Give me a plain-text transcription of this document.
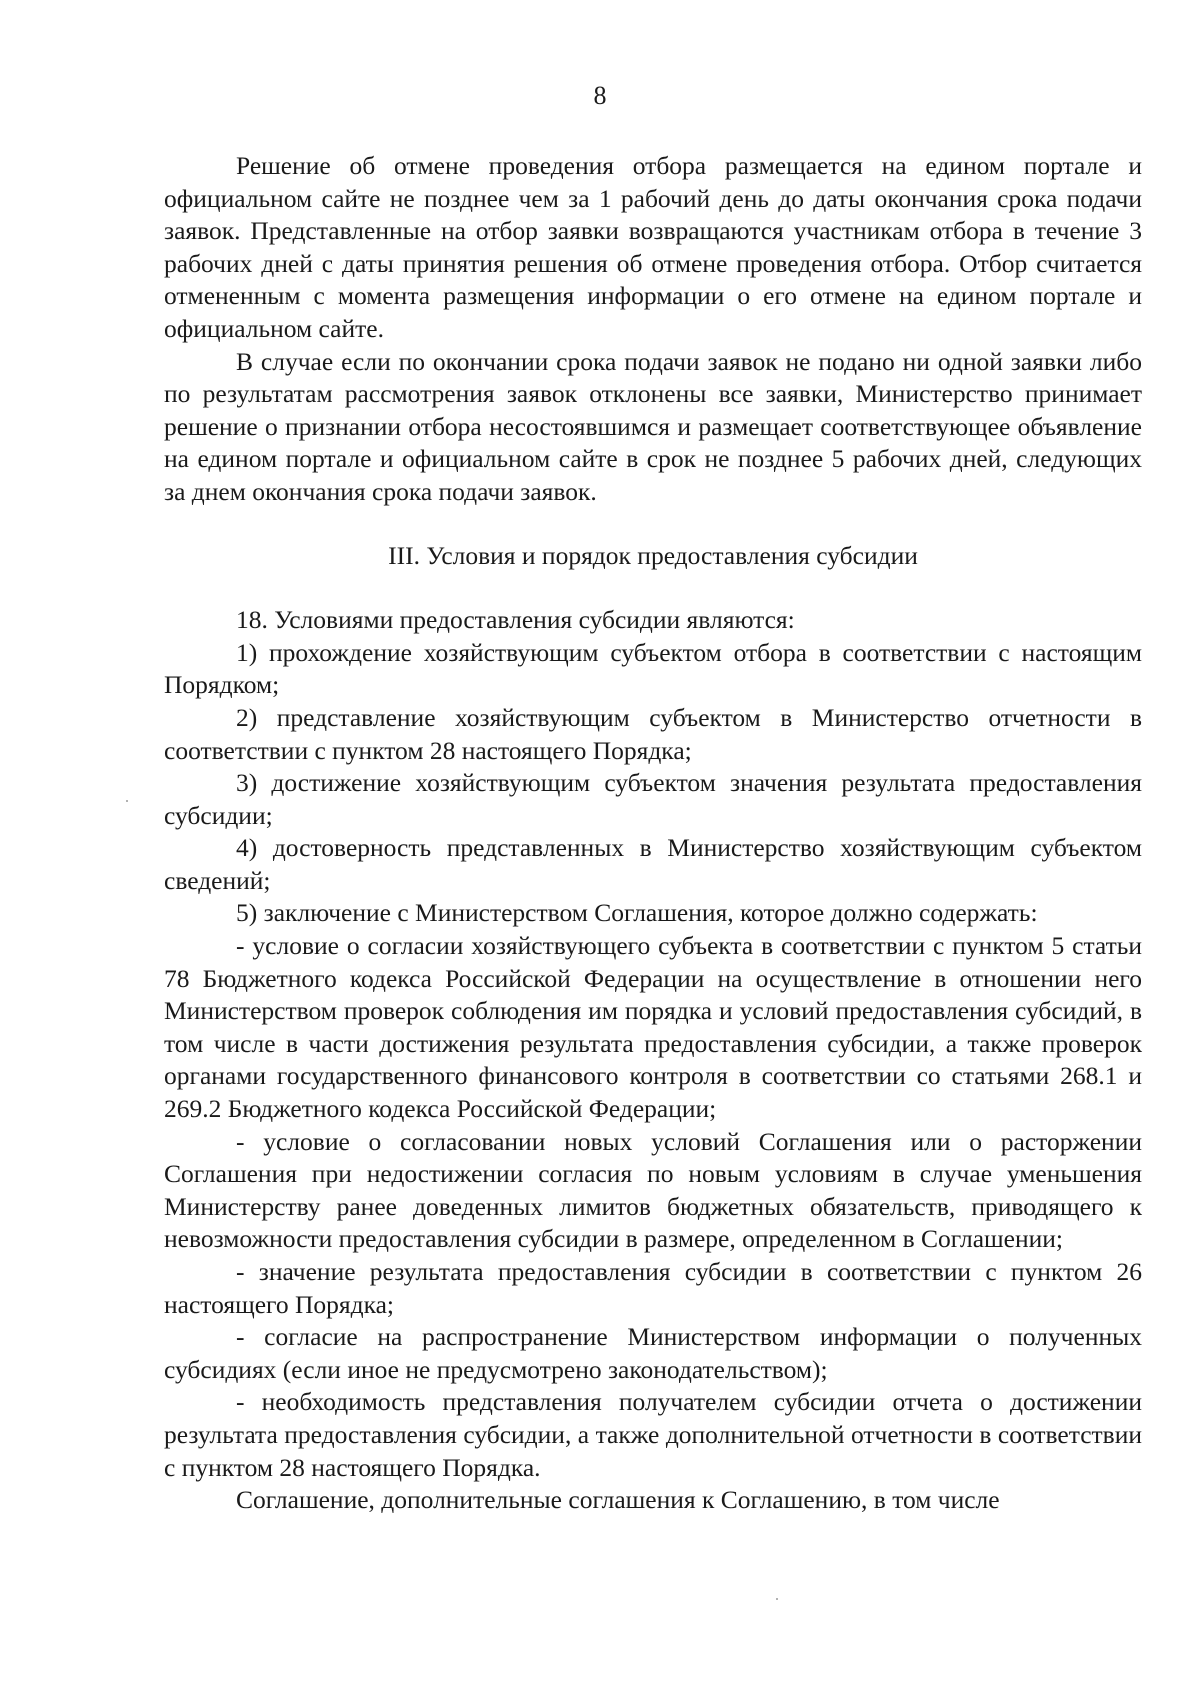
8

Решение об отмене проведения отбора размещается на едином портале и официальном сайте не позднее чем за 1 рабочий день до даты окончания срока подачи заявок. Представленные на отбор заявки возвращаются участникам отбора в течение 3 рабочих дней с даты принятия решения об отмене проведения отбора. Отбор считается отмененным с момента размещения информации о его отмене на едином портале и официальном сайте.

В случае если по окончании срока подачи заявок не подано ни одной заявки либо по результатам рассмотрения заявок отклонены все заявки, Министерство принимает решение о признании отбора несостоявшимся и размещает соответствующее объявление на едином портале и официальном сайте в срок не позднее 5 рабочих дней, следующих за днем окончания срока подачи заявок.

III. Условия и порядок предоставления субсидии

18. Условиями предоставления субсидии являются:

1) прохождение хозяйствующим субъектом отбора в соответствии с настоящим Порядком;

2) представление хозяйствующим субъектом в Министерство отчетности в соответствии с пунктом 28 настоящего Порядка;

3) достижение хозяйствующим субъектом значения результата предоставления субсидии;

4) достоверность представленных в Министерство хозяйствующим субъектом сведений;

5) заключение с Министерством Соглашения, которое должно содержать:

- условие о согласии хозяйствующего субъекта в соответствии с пунктом 5 статьи 78 Бюджетного кодекса Российской Федерации на осуществление в отношении него Министерством проверок соблюдения им порядка и условий предоставления субсидий, в том числе в части достижения результата предоставления субсидии, а также проверок органами государственного финансового контроля в соответствии со статьями 268.1 и 269.2 Бюджетного кодекса Российской Федерации;

- условие о согласовании новых условий Соглашения или о расторжении Соглашения при недостижении согласия по новым условиям в случае уменьшения Министерству ранее доведенных лимитов бюджетных обязательств, приводящего к невозможности предоставления субсидии в размере, определенном в Соглашении;

- значение результата предоставления субсидии в соответствии с пунктом 26 настоящего Порядка;

- согласие на распространение Министерством информации о полученных субсидиях (если иное не предусмотрено законодательством);

- необходимость представления получателем субсидии отчета о достижении результата предоставления субсидии, а также дополнительной отчетности в соответствии с пунктом 28 настоящего Порядка.

Соглашение, дополнительные соглашения к Соглашению, в том числе
